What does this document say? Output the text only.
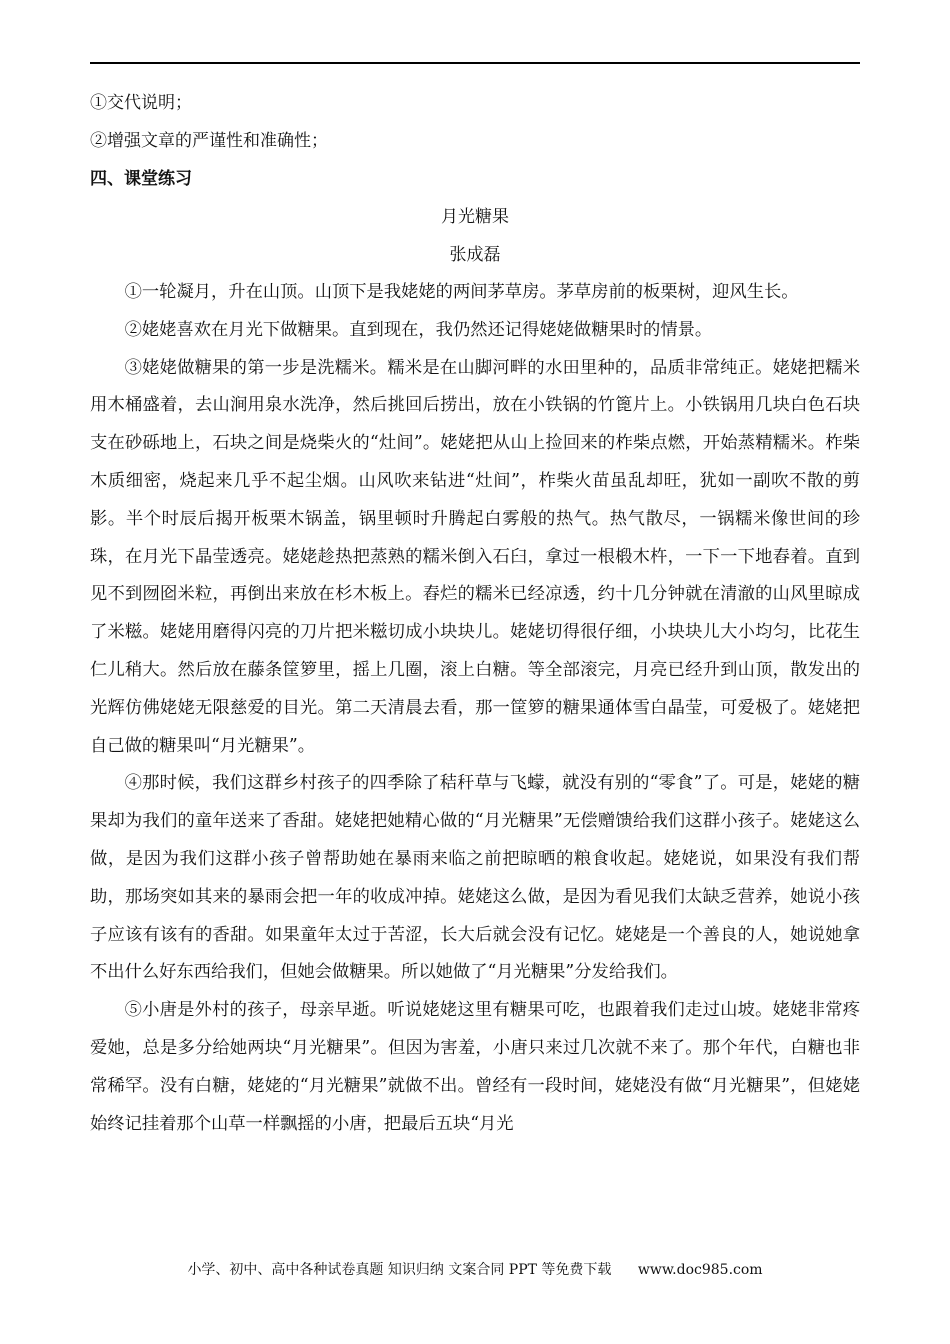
①交代说明；

②增强文章的严谨性和准确性；

四、课堂练习

月光糖果

张成磊

①一轮凝月，升在山顶。山顶下是我姥姥的两间茅草房。茅草房前的板栗树，迎风生长。

②姥姥喜欢在月光下做糖果。直到现在，我仍然还记得姥姥做糖果时的情景。

③姥姥做糖果的第一步是洗糯米。糯米是在山脚河畔的水田里种的，品质非常纯正。姥姥把糯米用木桶盛着，去山涧用泉水洗净，然后挑回后捞出，放在小铁锅的竹篦片上。小铁锅用几块白色石块支在砂砾地上，石块之间是烧柴火的“灶间”。姥姥把从山上捡回来的柞柴点燃，开始蒸精糯米。柞柴木质细密，烧起来几乎不起尘烟。山风吹来钻进“灶间”，柞柴火苗虽乱却旺，犹如一副吹不散的剪影。半个时辰后揭开板栗木锅盖，锅里顿时升腾起白雾般的热气。热气散尽，一锅糯米像世间的珍珠，在月光下晶莹透亮。姥姥趁热把蒸熟的糯米倒入石臼，拿过一根椴木杵，一下一下地舂着。直到见不到囫囵米粒，再倒出来放在杉木板上。舂烂的糯米已经凉透，约十几分钟就在清澈的山风里晾成了米糍。姥姥用磨得闪亮的刀片把米糍切成小块块儿。姥姥切得很仔细，小块块儿大小均匀，比花生仁儿稍大。然后放在藤条筐箩里，摇上几圈，滚上白糖。等全部滚完，月亮已经升到山顶，散发出的光辉仿佛姥姥无限慈爱的目光。第二天清晨去看，那一筐箩的糖果通体雪白晶莹，可爱极了。姥姥把自己做的糖果叫“月光糖果”。

④那时候，我们这群乡村孩子的四季除了秸秆草与飞蠓，就没有别的“零食”了。可是，姥姥的糖果却为我们的童年送来了香甜。姥姥把她精心做的“月光糖果”无偿赠馈给我们这群小孩子。姥姥这么做，是因为我们这群小孩子曾帮助她在暴雨来临之前把晾晒的粮食收起。姥姥说，如果没有我们帮助，那场突如其来的暴雨会把一年的收成冲掉。姥姥这么做，是因为看见我们太缺乏营养，她说小孩子应该有该有的香甜。如果童年太过于苦涩，长大后就会没有记忆。姥姥是一个善良的人，她说她拿不出什么好东西给我们，但她会做糖果。所以她做了“月光糖果”分发给我们。

⑤小唐是外村的孩子，母亲早逝。听说姥姥这里有糖果可吃，也跟着我们走过山坡。姥姥非常疼爱她，总是多分给她两块“月光糖果”。但因为害羞，小唐只来过几次就不来了。那个年代，白糖也非常稀罕。没有白糖，姥姥的“月光糖果”就做不出。曾经有一段时间，姥姥没有做“月光糖果”，但姥姥始终记挂着那个山草一样飘摇的小唐，把最后五块“月光

小学、初中、高中各种试卷真题 知识归纳 文案合同 PPT 等免费下载 www.doc985.com
